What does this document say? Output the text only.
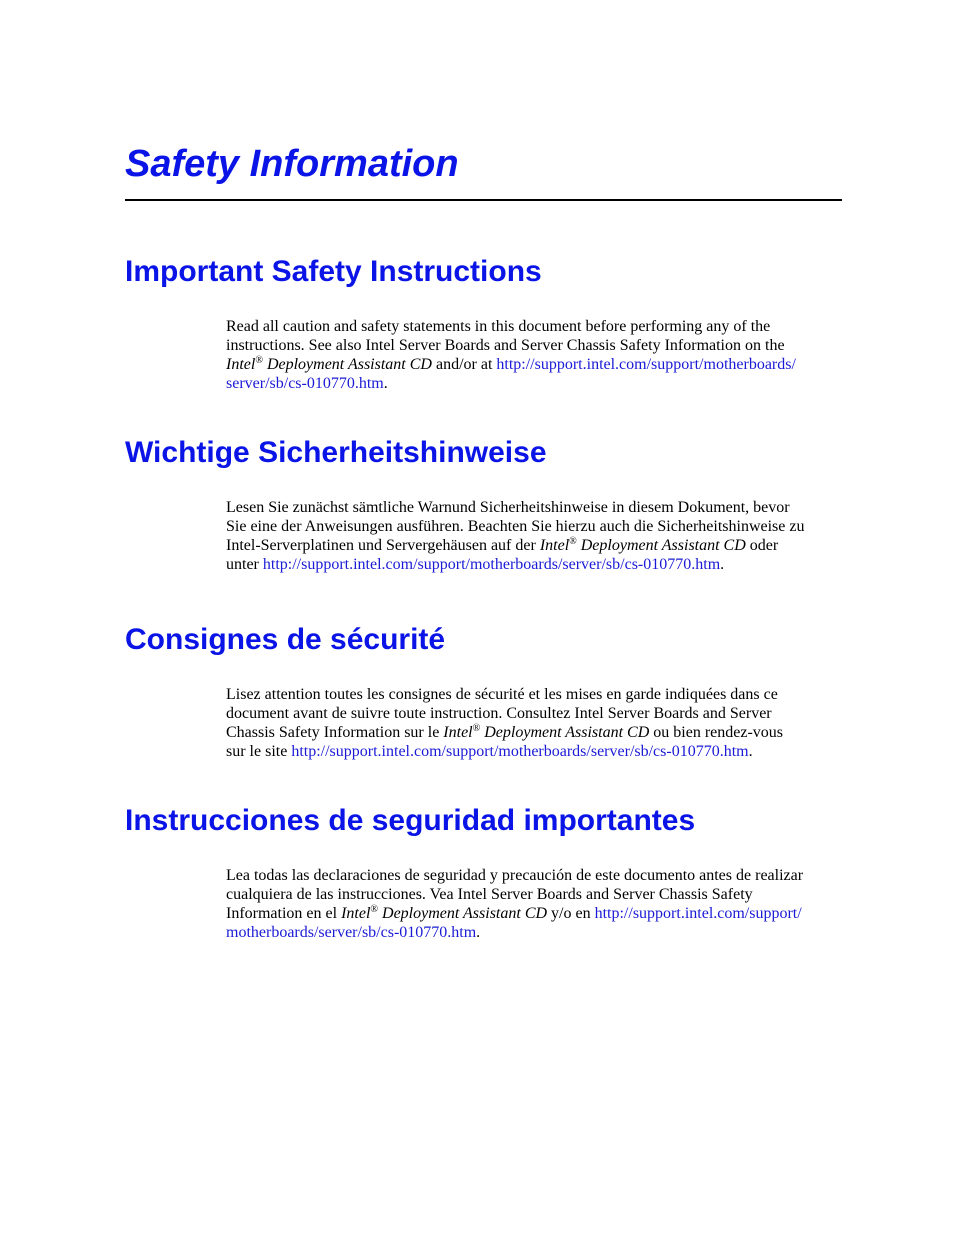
Safety Information
Important Safety Instructions
Read all caution and safety statements in this document before performing any of the
instructions. See also Intel Server Boards and Server Chassis Safety Information on the
Intel® Deployment Assistant CD and/or at http://support.intel.com/support/motherboards/
server/sb/cs-010770.htm.
Wichtige Sicherheitshinweise
Lesen Sie zunächst sämtliche Warnund Sicherheitshinweise in diesem Dokument, bevor
Sie eine der Anweisungen ausführen. Beachten Sie hierzu auch die Sicherheitshinweise zu
Intel-Serverplatinen und Servergehäusen auf der Intel® Deployment Assistant CD oder
unter http://support.intel.com/support/motherboards/server/sb/cs-010770.htm.
Consignes de sécurité
Lisez attention toutes les consignes de sécurité et les mises en garde indiquées dans ce
document avant de suivre toute instruction. Consultez Intel Server Boards and Server
Chassis Safety Information sur le Intel® Deployment Assistant CD ou bien rendez-vous
sur le site http://support.intel.com/support/motherboards/server/sb/cs-010770.htm.
Instrucciones de seguridad importantes
Lea todas las declaraciones de seguridad y precaución de este documento antes de realizar
cualquiera de las instrucciones. Vea Intel Server Boards and Server Chassis Safety
Information en el Intel® Deployment Assistant CD y/o en http://support.intel.com/support/
motherboards/server/sb/cs-010770.htm.
